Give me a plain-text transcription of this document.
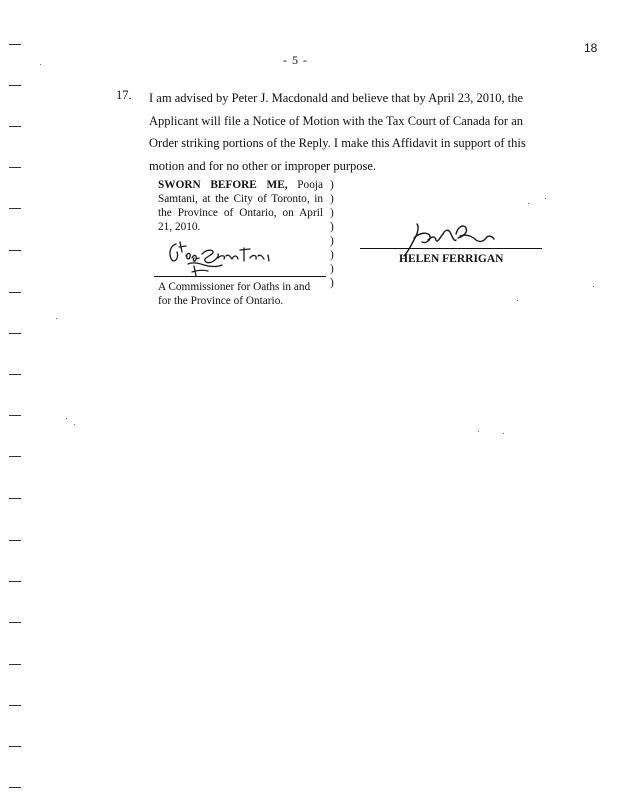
18
- 5 -
17. I am advised by Peter J. Macdonald and believe that by April 23, 2010, the
Applicant will file a Notice of Motion with the Tax Court of Canada for an
Order striking portions of the Reply. I make this Affidavit in support of this
motion and for no other or improper purpose.
SWORN BEFORE ME, Pooja
Samtani, at the City of Toronto, in
the Province of Ontario, on April
21, 2010.
)
)
)
)
)
)
)
)
A Commissioner for Oaths in and
for the Province of Ontario.
HELEN FERRIGAN
